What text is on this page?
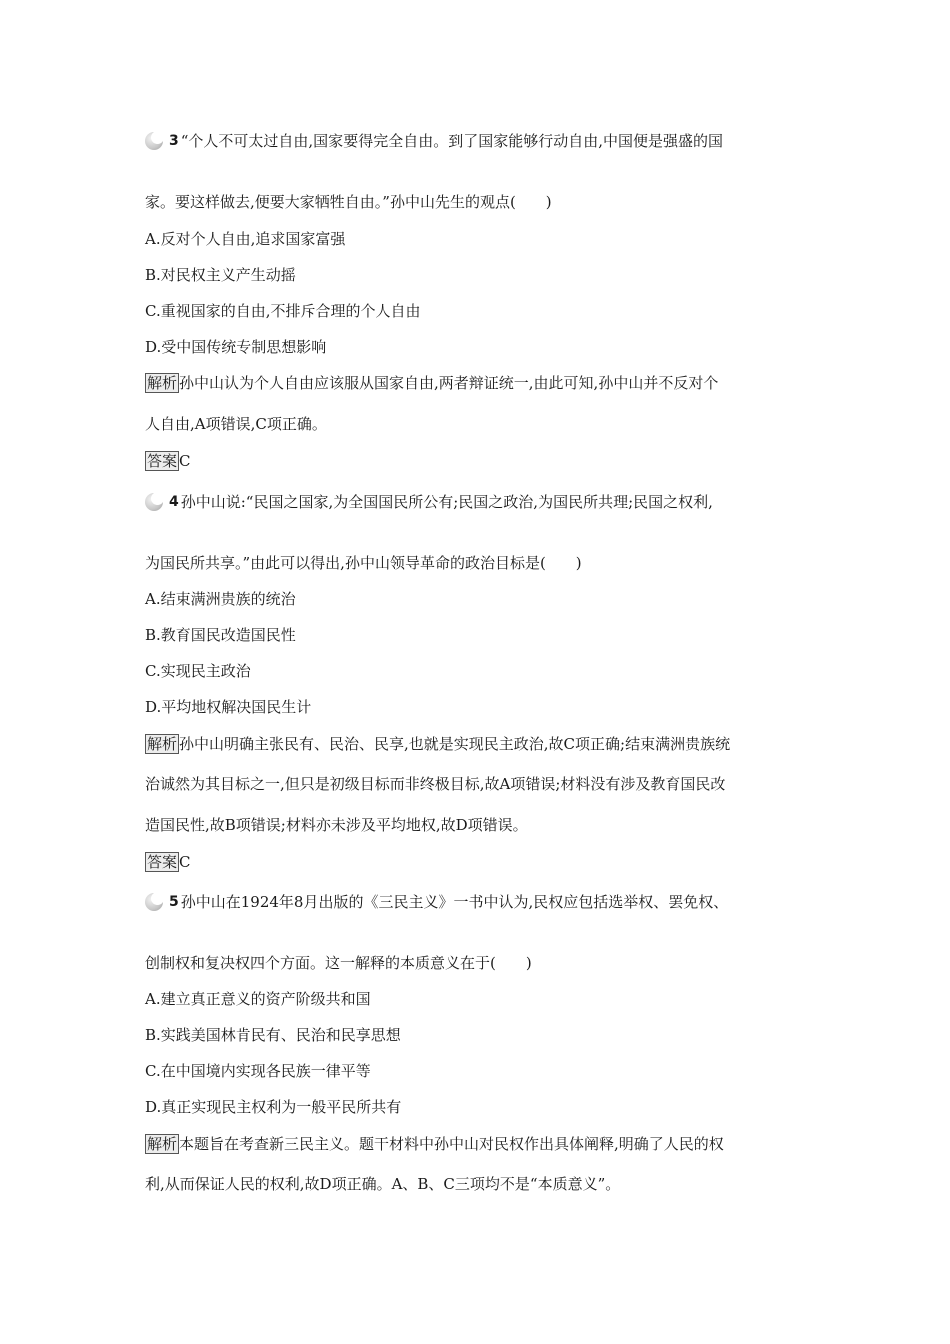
3 “个人不可太过自由,国家要得完全自由。到了国家能够行动自由,中国便是强盛的国
家。要这样做去,便要大家牺牲自由。”孙中山先生的观点(　　)
A.反对个人自由,追求国家富强
B.对民权主义产生动摇
C.重视国家的自由,不排斥合理的个人自由
D.受中国传统专制思想影响
解析 孙中山认为个人自由应该服从国家自由,两者辩证统一,由此可知,孙中山并不反对个
人自由,A项错误,C项正确。
答案 C
4 孙中山说:“民国之国家,为全国国民所公有;民国之政治,为国民所共理;民国之权利,
为国民所共享。”由此可以得出,孙中山领导革命的政治目标是(　　)
A.结束满洲贵族的统治
B.教育国民改造国民性
C.实现民主政治
D.平均地权解决国民生计
解析 孙中山明确主张民有、民治、民享,也就是实现民主政治,故C项正确;结束满洲贵族统
治诚然为其目标之一,但只是初级目标而非终极目标,故A项错误;材料没有涉及教育国民改
造国民性,故B项错误;材料亦未涉及平均地权,故D项错误。
答案 C
5 孙中山在1924年8月出版的《三民主义》一书中认为,民权应包括选举权、罢免权、
创制权和复决权四个方面。这一解释的本质意义在于(　　)
A.建立真正意义的资产阶级共和国
B.实践美国林肯民有、民治和民享思想
C.在中国境内实现各民族一律平等
D.真正实现民主权利为一般平民所共有
解析 本题旨在考查新三民主义。题干材料中孙中山对民权作出具体阐释,明确了人民的权
利,从而保证人民的权利,故D项正确。A、B、C三项均不是“本质意义”。
